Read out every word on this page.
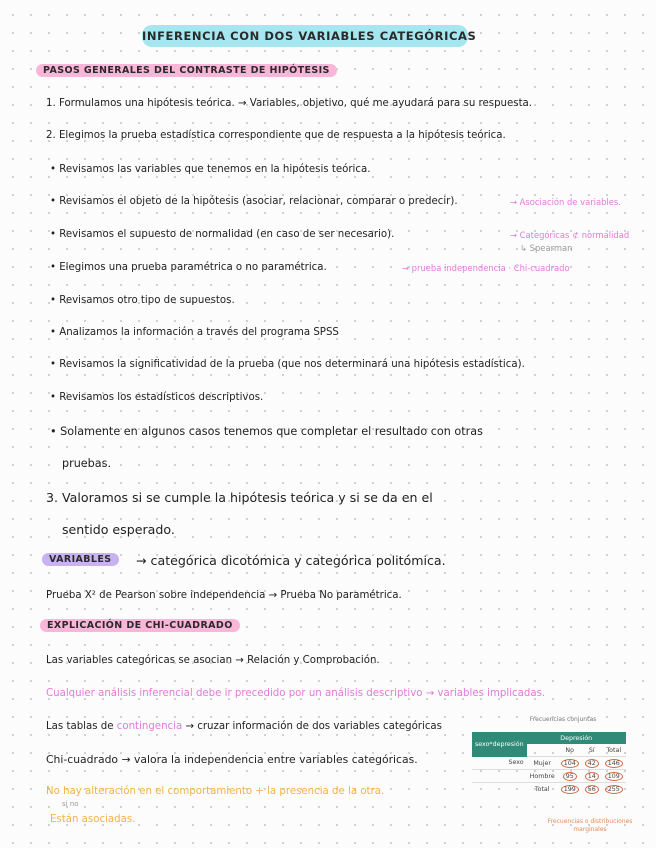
INFERENCIA CON DOS VARIABLES CATEGÓRICAS
PASOS GENERALES DEL CONTRASTE DE HIPÓTESIS
1. Formulamos una hipótesis teórica. → Variables, objetivo, qué me ayudará para su respuesta.
2. Elegimos la prueba estadística correspondiente que de respuesta a la hipótesis teórica.
• Revisamos las variables que tenemos en la hipótesis teórica.
• Revisamos el objeto de la hipótesis (asociar, relacionar, comparar o predecir).	→ Asociación de variables.
• Revisamos el supuesto de normalidad (en caso de ser necesario).	→ Categóricas ⊄ normalidad
↳ Spearman
• Elegimos una prueba paramétrica o no paramétrica.	→ prueba independencia · Chi-cuadrado
• Revisamos otro tipo de supuestos.
• Analizamos la información a través del programa SPSS
• Revisamos la significatividad de la prueba (que nos determinará una hipótesis estadística).
• Revisamos los estadísticos descriptivos.
• Solamente en algunos casos tenemos que completar el resultado con otras
pruebas.
3. Valoramos si se cumple la hipótesis teórica y si se da en el
sentido esperado.
VARIABLES	→ categórica dicotómica y categórica politómica.
Prueba X² de Pearson sobre independencia → Prueba No paramétrica.
EXPLICACIÓN DE CHI-CUADRADO
Las variables categóricas se asocian → Relación y Comprobación.
Cualquier análisis inferencial debe ir precedido por un análisis descriptivo → variables implicadas.
Las tablas de contingencia → cruzar información de dos variables categóricas
Chi-cuadrado → valora la independencia entre variables categóricas.
No hay alteración en el comportamiento + la presencia de la otra.
si no
Están asociadas.
Frecuencias conjuntas
sexo*depresión	Depresión			
		No	Sí	Total
Sexo	Mujer	104	42	146
	Hombre	95	14	109
	Total	199	56	255
Frecuencias o distribuciones marginales
